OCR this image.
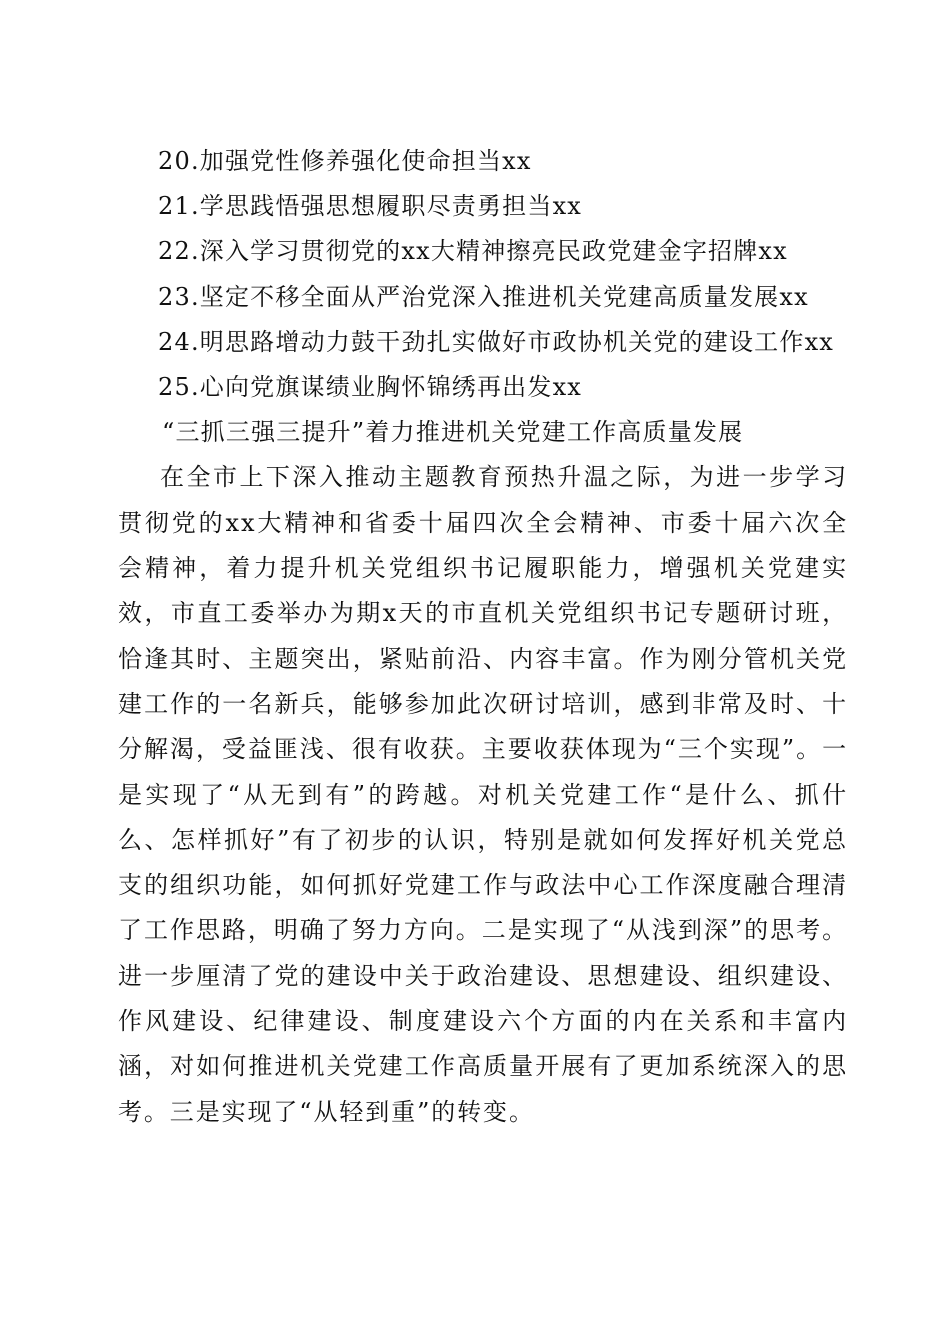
20.加强党性修养强化使命担当xx

21.学思践悟强思想履职尽责勇担当xx

22.深入学习贯彻党的xx大精神擦亮民政党建金字招牌xx

23.坚定不移全面从严治党深入推进机关党建高质量发展xx

24.明思路增动力鼓干劲扎实做好市政协机关党的建设工作xx

25.心向党旗谋绩业胸怀锦绣再出发xx

“三抓三强三提升”着力推进机关党建工作高质量发展

在全市上下深入推动主题教育预热升温之际，为进一步学习贯彻党的xx大精神和省委十届四次全会精神、市委十届六次全会精神，着力提升机关党组织书记履职能力，增强机关党建实效，市直工委举办为期x天的市直机关党组织书记专题研讨班，恰逢其时、主题突出，紧贴前沿、内容丰富。作为刚分管机关党建工作的一名新兵，能够参加此次研讨培训，感到非常及时、十分解渴，受益匪浅、很有收获。主要收获体现为“三个实现”。一是实现了“从无到有”的跨越。对机关党建工作“是什么、抓什么、怎样抓好”有了初步的认识，特别是就如何发挥好机关党总支的组织功能，如何抓好党建工作与政法中心工作深度融合理清了工作思路，明确了努力方向。二是实现了“从浅到深”的思考。进一步厘清了党的建设中关于政治建设、思想建设、组织建设、作风建设、纪律建设、制度建设六个方面的内在关系和丰富内涵，对如何推进机关党建工作高质量开展有了更加系统深入的思考。三是实现了“从轻到重”的转变。
